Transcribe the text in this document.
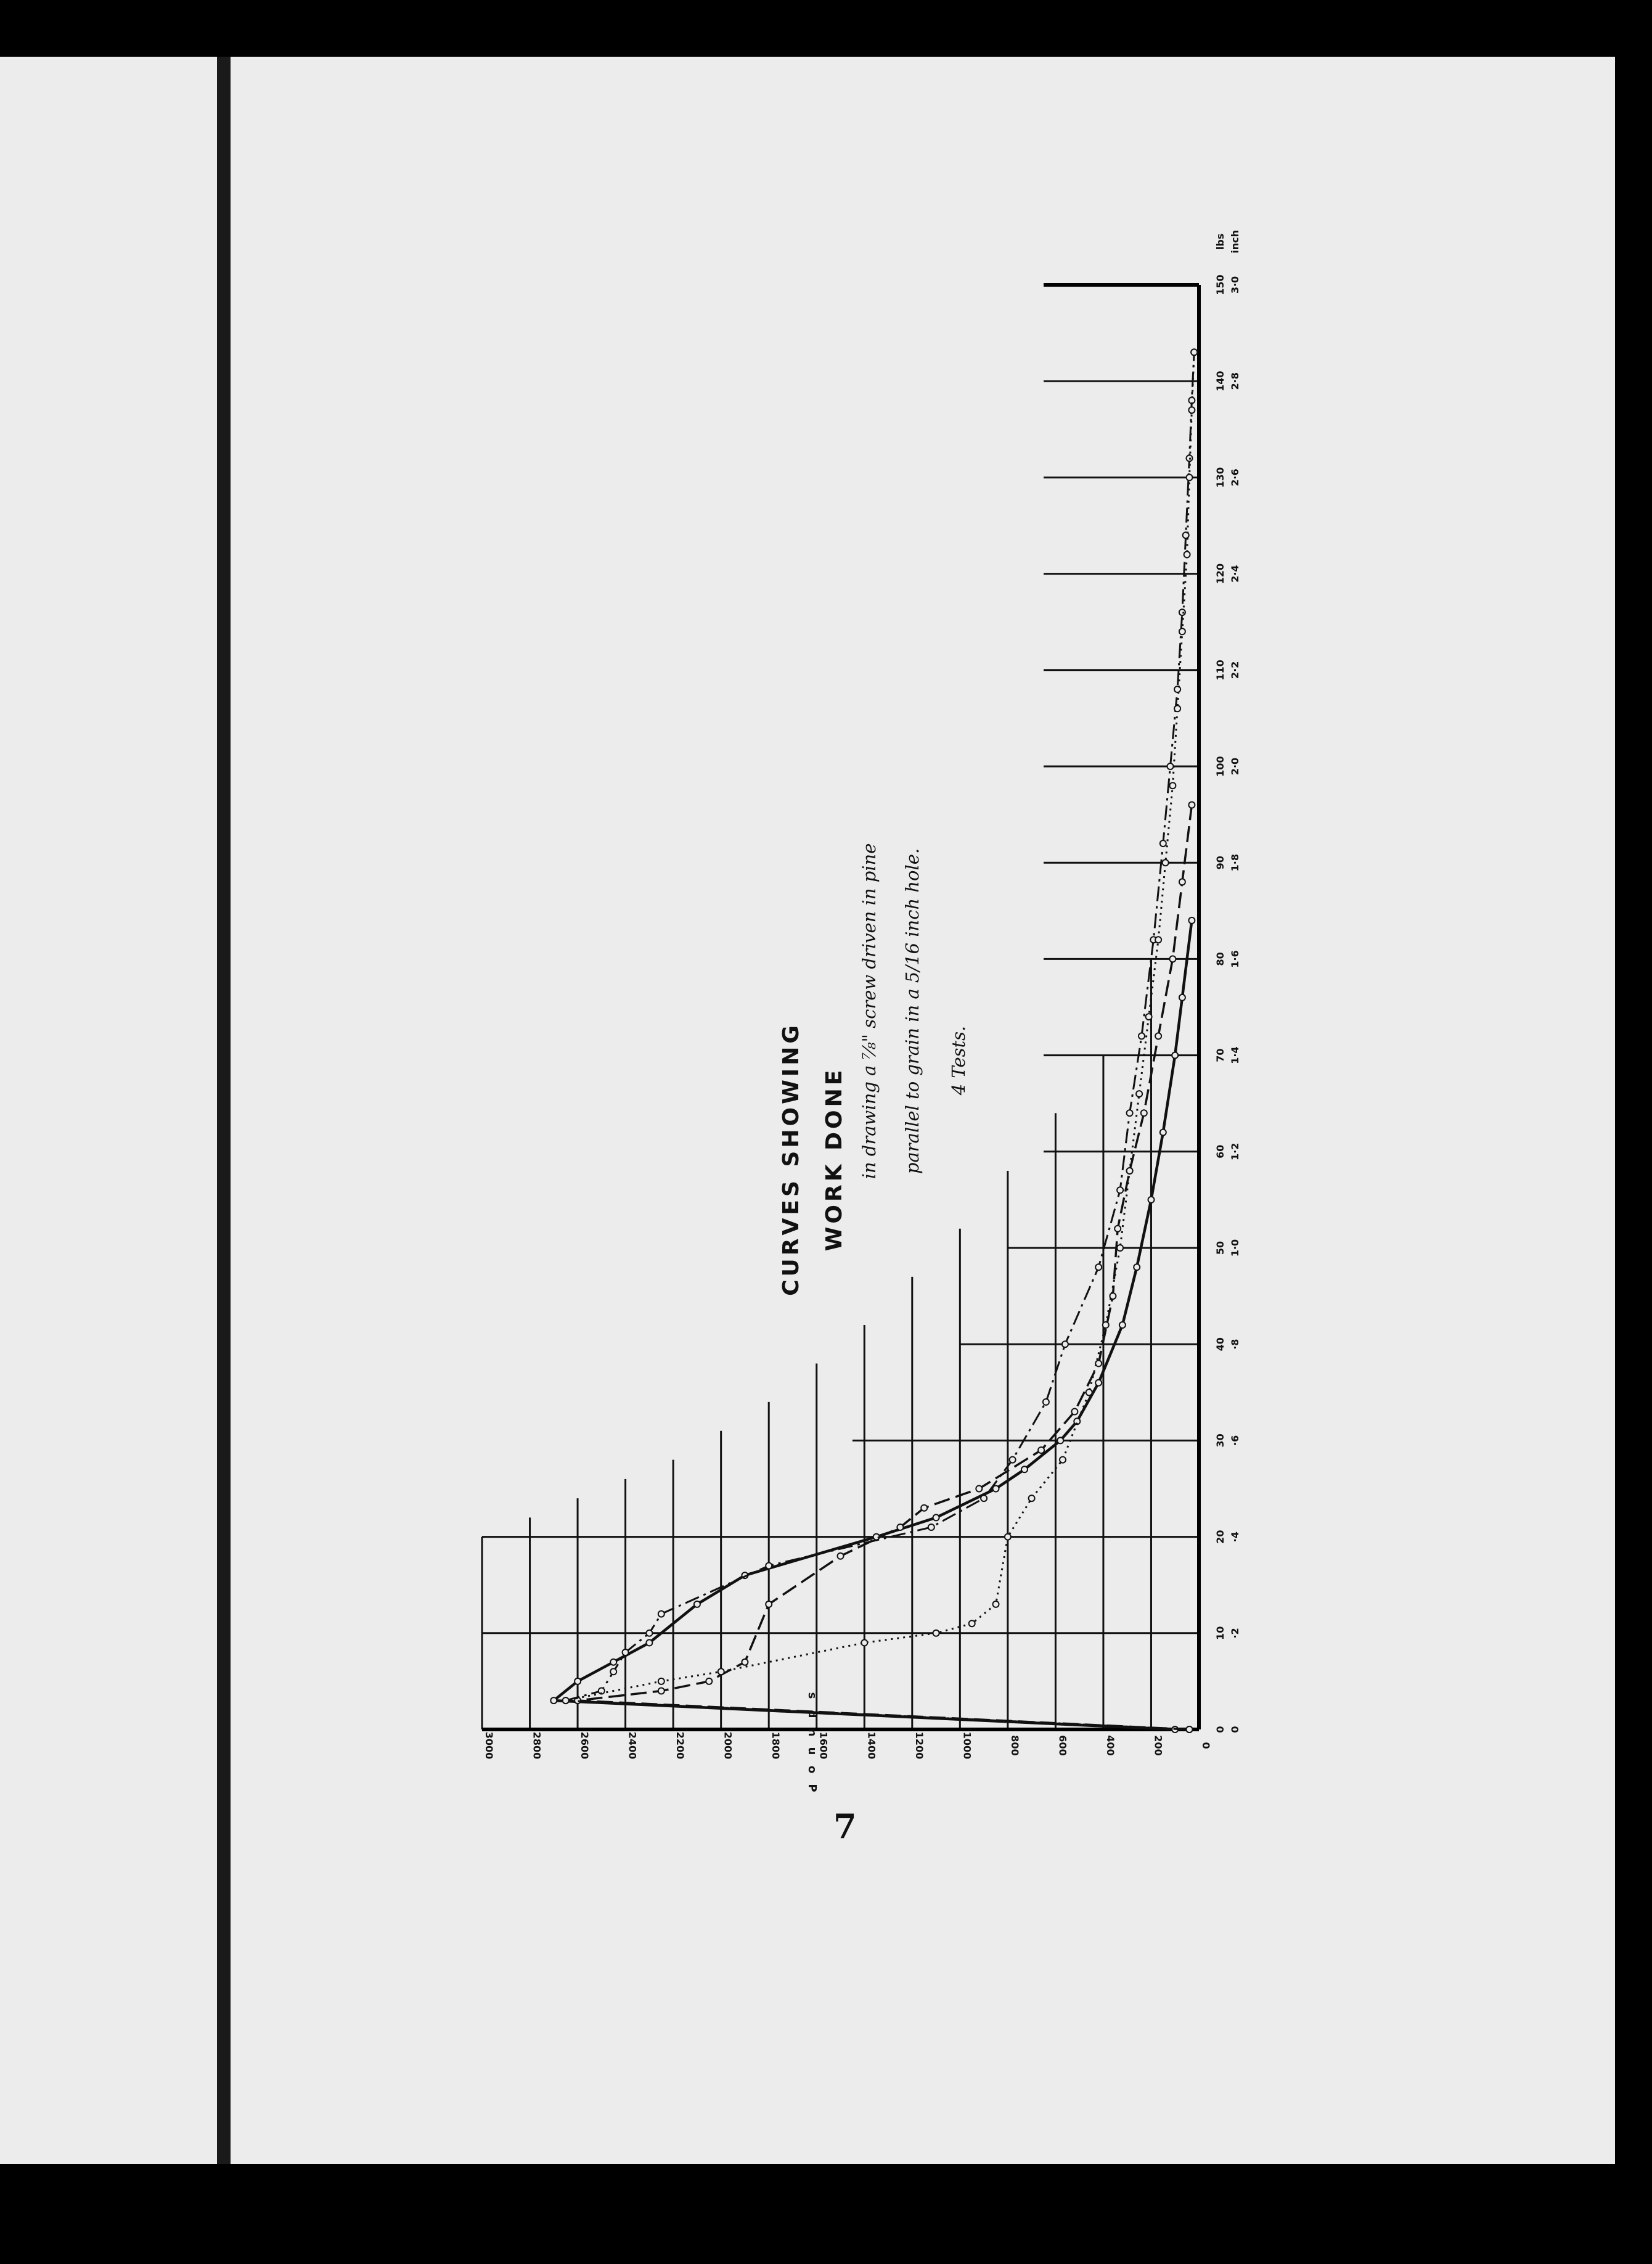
0
200
400
600
800
1000
1200
1400
1600
1800
2000
2200
2400
2600
2800
3000
0 0
10 ·2
20 ·4
30 ·6
40 ·8
50 1·0
60 1·2
70 1·4
80 1·6
90 1·8
100 2·0
110 2·2
120 2·4
130 2·6
140 2·8
150 3·0
lbs inch
P
o
u
n
d
s
CURVES SHOWING WORK DONE in drawing a ⅞" screw driven in pine parallel to grain in a 5/16 inch hole. 4 Tests.
7
